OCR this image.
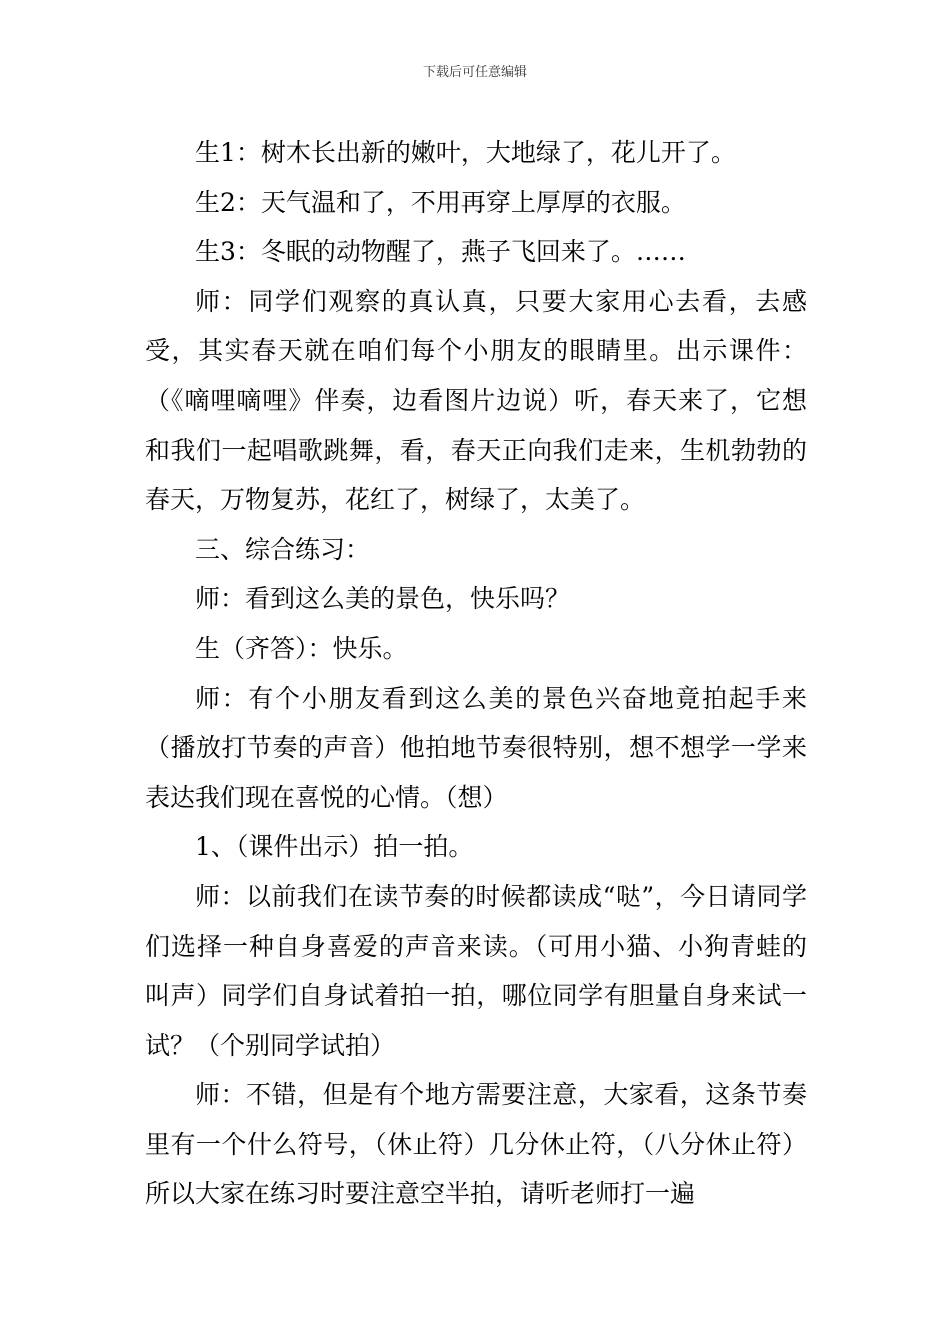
下载后可任意编辑

生1：树木长出新的嫩叶，大地绿了，花儿开了。

生2：天气温和了，不用再穿上厚厚的衣服。

生3：冬眠的动物醒了，燕子飞回来了。……

师：同学们观察的真认真，只要大家用心去看，去感受，其实春天就在咱们每个小朋友的眼睛里。出示课件：（《嘀哩嘀哩》伴奏，边看图片边说）听，春天来了，它想和我们一起唱歌跳舞，看，春天正向我们走来，生机勃勃的春天，万物复苏，花红了，树绿了，太美了。

三、综合练习：

师：看到这么美的景色，快乐吗？

生（齐答）：快乐。

师：有个小朋友看到这么美的景色兴奋地竟拍起手来（播放打节奏的声音）他拍地节奏很特别，想不想学一学来表达我们现在喜悦的心情。（想）

1、（课件出示）拍一拍。

师：以前我们在读节奏的时候都读成“哒”，今日请同学们选择一种自身喜爱的声音来读。（可用小猫、小狗青蛙的叫声）同学们自身试着拍一拍，哪位同学有胆量自身来试一试？（个别同学试拍）

师：不错，但是有个地方需要注意，大家看，这条节奏里有一个什么符号，（休止符）几分休止符，（八分休止符）所以大家在练习时要注意空半拍，请听老师打一遍
